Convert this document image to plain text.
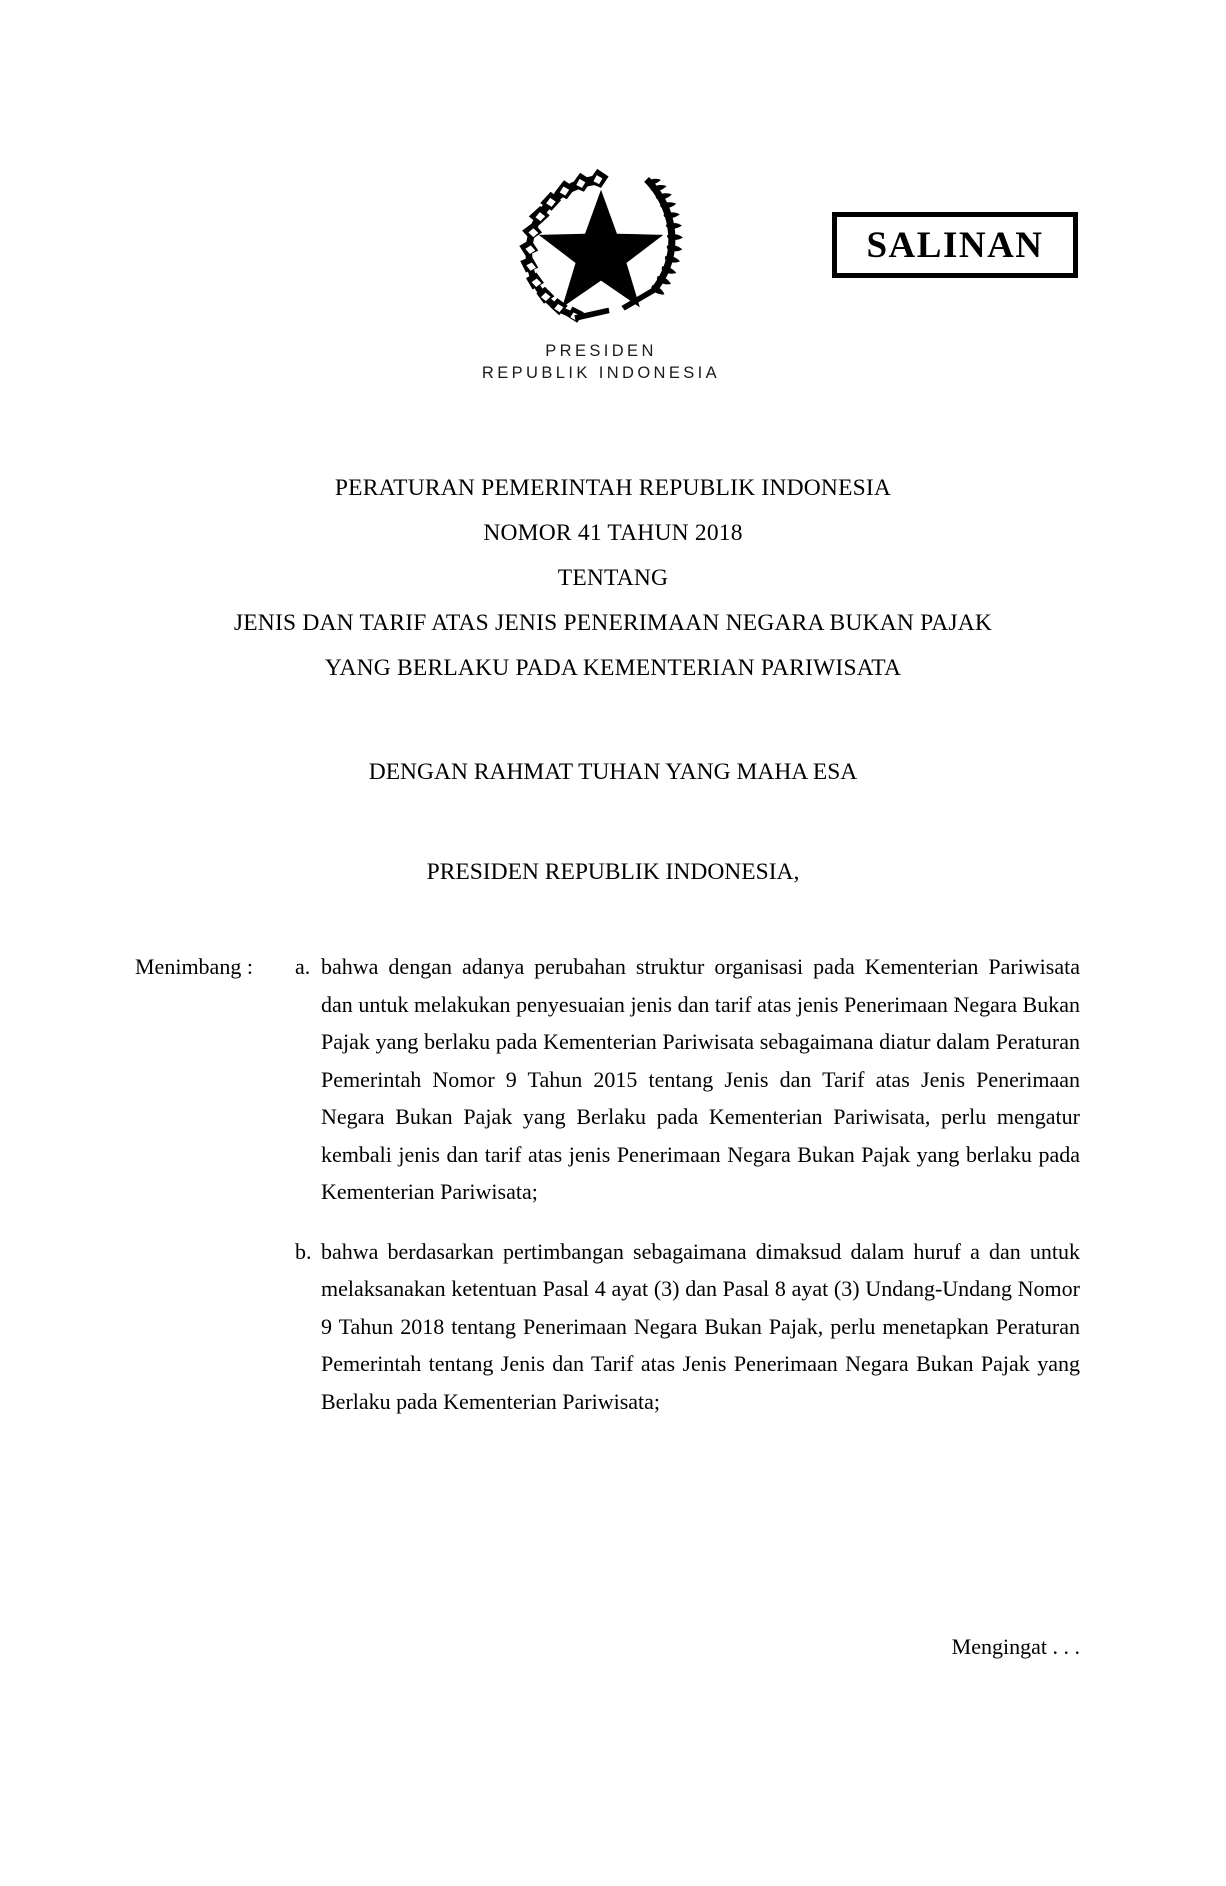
PRESIDEN
REPUBLIK INDONESIA
SALINAN
PERATURAN PEMERINTAH REPUBLIK INDONESIA
NOMOR 41 TAHUN 2018
TENTANG
JENIS DAN TARIF ATAS JENIS PENERIMAAN NEGARA BUKAN PAJAK
YANG BERLAKU PADA KEMENTERIAN PARIWISATA
DENGAN RAHMAT TUHAN YANG MAHA ESA
PRESIDEN REPUBLIK INDONESIA,
Menimbang :	a. bahwa dengan adanya perubahan struktur organisasi pada Kementerian Pariwisata dan untuk melakukan penyesuaian jenis dan tarif atas jenis Penerimaan Negara Bukan Pajak yang berlaku pada Kementerian Pariwisata sebagaimana diatur dalam Peraturan Pemerintah Nomor 9 Tahun 2015 tentang Jenis dan Tarif atas Jenis Penerimaan Negara Bukan Pajak yang Berlaku pada Kementerian Pariwisata, perlu mengatur kembali jenis dan tarif atas jenis Penerimaan Negara Bukan Pajak yang berlaku pada Kementerian Pariwisata;
b. bahwa berdasarkan pertimbangan sebagaimana dimaksud dalam huruf a dan untuk melaksanakan ketentuan Pasal 4 ayat (3) dan Pasal 8 ayat (3) Undang-Undang Nomor 9 Tahun 2018 tentang Penerimaan Negara Bukan Pajak, perlu menetapkan Peraturan Pemerintah tentang Jenis dan Tarif atas Jenis Penerimaan Negara Bukan Pajak yang Berlaku pada Kementerian Pariwisata;
Mengingat . . .
